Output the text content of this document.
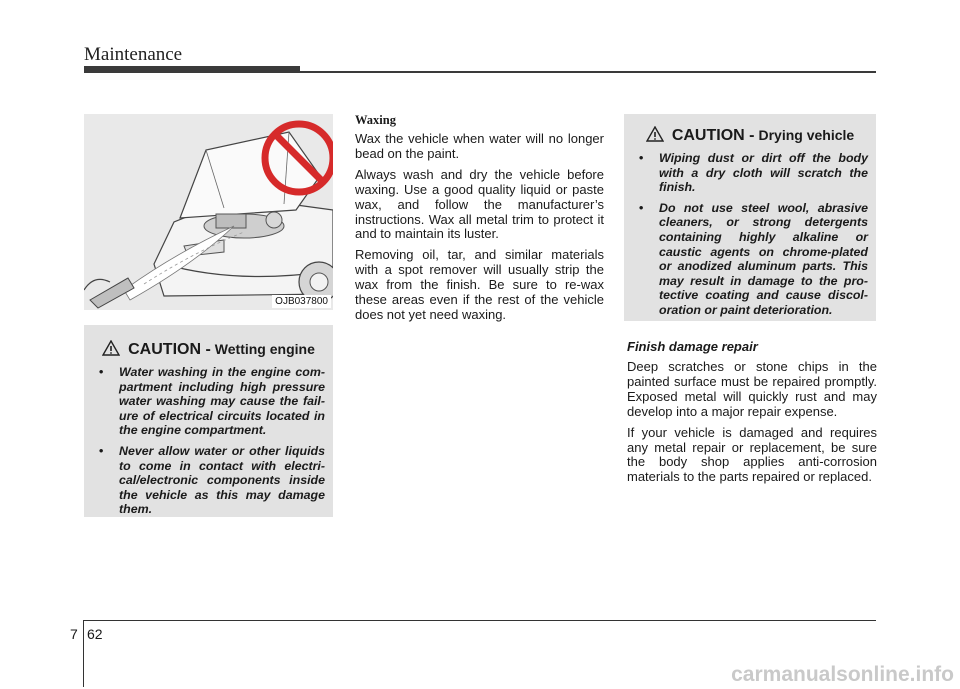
Maintenance
OJB037800
CAUTION - Wetting engine
• Water washing in the engine com- partment including high pressure water washing may cause the fail- ure of electrical circuits located in the engine compartment.
• Never allow water or other liquids to come in contact with electri- cal/electronic components inside the vehicle as this may damage them.
Waxing

Wax the vehicle when water will no longer bead on the paint.

Always wash and dry the vehicle before waxing. Use a good quality liquid or paste wax, and follow the manufacturer’s instructions. Wax all metal trim to protect it and to maintain its luster.

Removing oil, tar, and similar materials with a spot remover will usually strip the wax from the finish. Be sure to re-wax these areas even if the rest of the vehicle does not yet need waxing.

CAUTION - Drying vehicle
• Wiping dust or dirt off the body with a dry cloth will scratch the finish.
• Do not use steel wool, abrasive cleaners, or strong detergents containing highly alkaline or caustic agents on chrome-plated or anodized aluminum parts. This may result in damage to the pro- tective coating and cause discol- oration or paint deterioration.
Finish damage repair

Deep scratches or stone chips in the painted surface must be repaired promptly. Exposed metal will quickly rust and may develop into a major repair expense.

If your vehicle is damaged and requires any metal repair or replacement, be sure the body shop applies anti-corrosion materials to the parts repaired or replaced.

7 62
carmanualsonline.info
